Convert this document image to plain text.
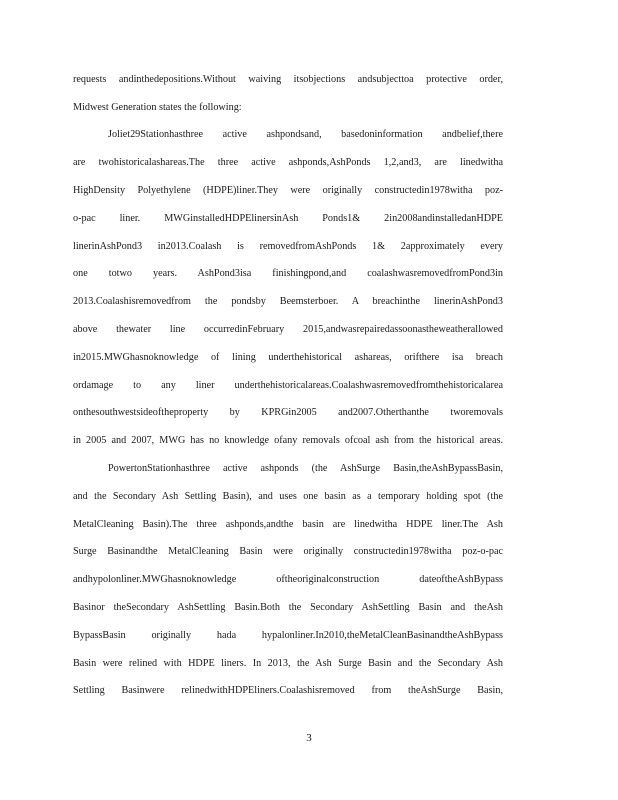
requests andinthedepositions.Without waiving itsobjections andsubjecttoa protective order,
Midwest Generation states the following:
Joliet29Stationhasthree active ashpondsand, basedoninformation andbelief,there
are twohistoricalashareas.The three active ashponds,AshPonds 1,2,and3, are linedwitha
HighDensity Polyethylene (HDPE)liner.They were originally constructedin1978witha poz-
o-pac liner. MWGinstalledHDPElinersinAsh Ponds1& 2in2008andinstalledanHDPE
linerinAshPond3 in2013.Coalash is removedfromAshPonds 1& 2approximately every
one totwo years. AshPond3isa finishingpond,and coalashwasremovedfromPond3in
2013.Coalashisremovedfrom the pondsby Beemsterboer. A breachinthe linerinAshPond3
above thewater line occurredinFebruary 2015,andwasrepairedassoonastheweatherallowed
in2015.MWGhasnoknowledge of lining underthehistorical ashareas, orifthere isa breach
ordamage to any liner underthehistoricalareas.Coalashwasremovedfromthehistoricalarea
onthesouthwestsideoftheproperty by KPRGin2005 and2007.Otherthanthe tworemovals
in 2005 and 2007, MWG has no knowledge ofany removals ofcoal ash from the historical areas.
PowertonStationhasthree active ashponds (the AshSurge Basin,theAshBypassBasin,
and the Secondary Ash Settling Basin), and uses one basin as a temporary holding spot (the
MetalCleaning Basin).The three ashponds,andthe basin are linedwitha HDPE liner.The Ash
Surge Basinandthe MetalCleaning Basin were originally constructedin1978witha poz-o-pac
andhypolonliner.MWGhasnoknowledge oftheoriginalconstruction dateoftheAshBypass
Basinor theSecondary AshSettling Basin.Both the Secondary AshSettling Basin and theAsh
BypassBasin originally hada hypalonliner.In2010,theMetalCleanBasinandtheAshBypass
Basin were relined with HDPE liners. In 2013, the Ash Surge Basin and the Secondary Ash
Settling Basinwere relinedwithHDPEliners.Coalashisremoved from theAshSurge Basin,
3
